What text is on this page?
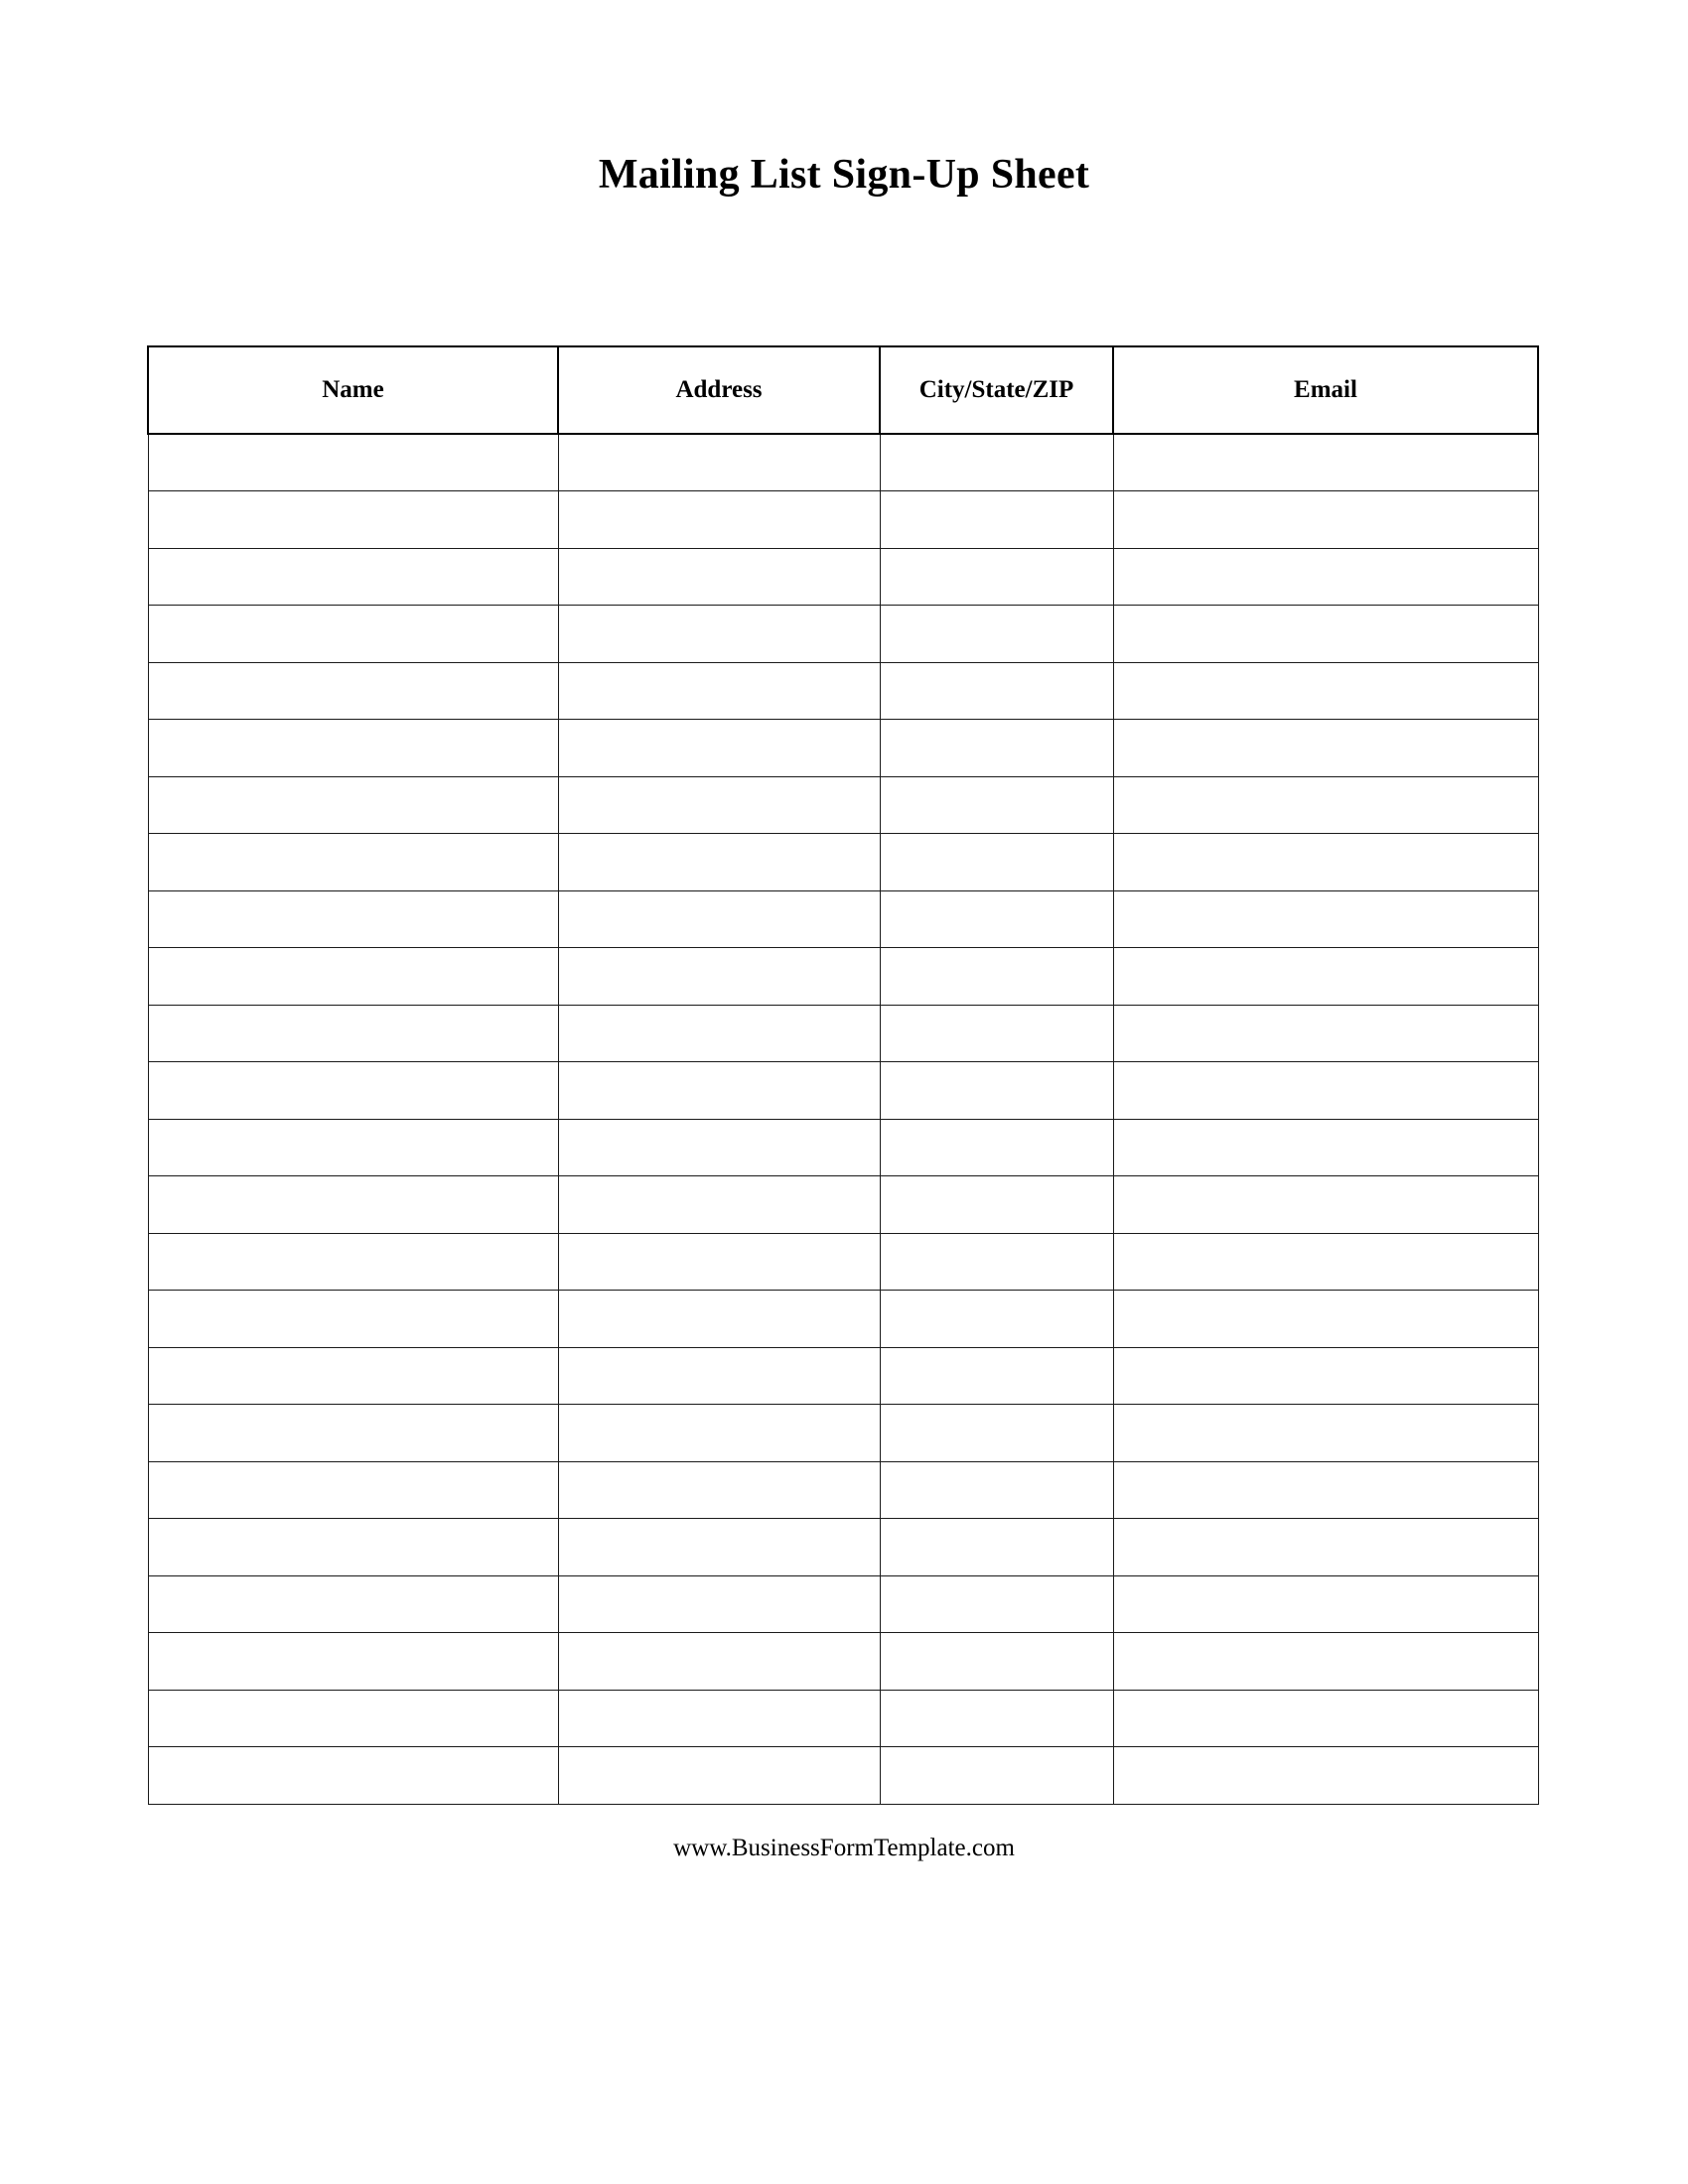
Mailing List Sign-Up Sheet
Name	Address	City/State/ZIP	Email

www.BusinessFormTemplate.com
